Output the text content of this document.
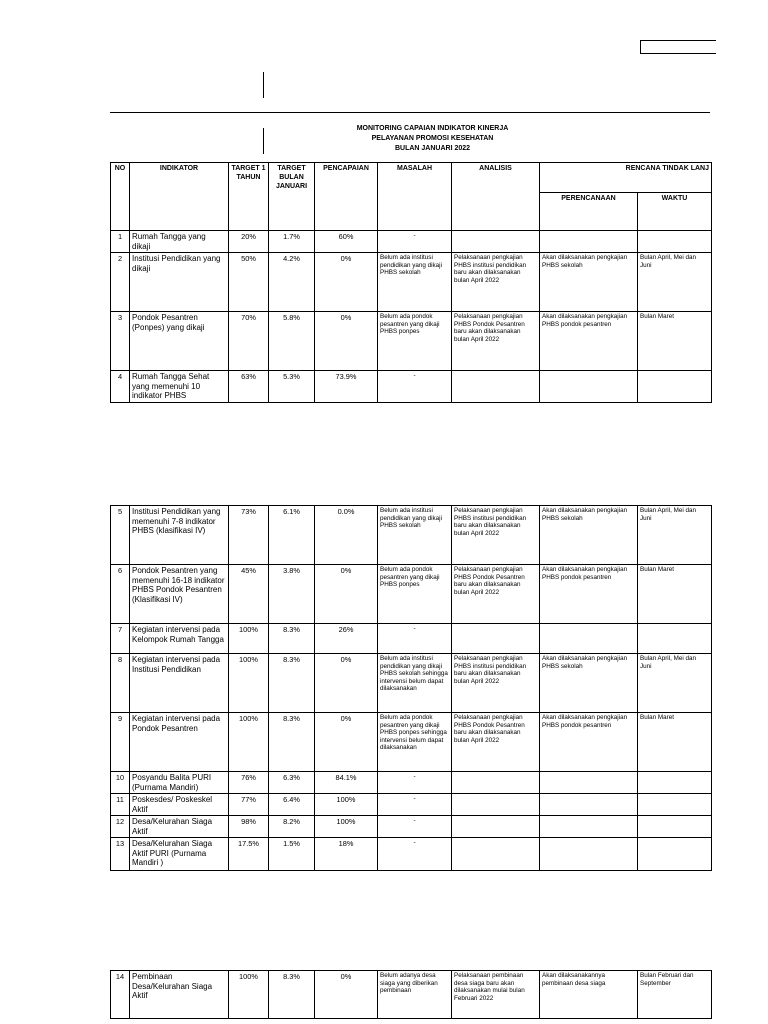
MONITORING CAPAIAN INDIKATOR KINERJA
PELAYANAN PROMOSI KESEHATAN
BULAN JANUARI 2022
NO	INDIKATOR	TARGET 1 TAHUN	TARGET BULAN JANUARI	PENCAPAIAN	MASALAH	ANALISIS	RENCANA TINDAK LANJ	
							PERENCANAAN	WAKTU
1	Rumah Tangga yang dikaji	20%	1.7%	60%	-			
2	Institusi Pendidikan yang dikaji	50%	4.2%	0%	Belum ada institusi pendidikan yang dikaji PHBS sekolah	Pelaksanaan pengkajian PHBS institusi pendidikan baru akan dilaksanakan bulan April 2022	Akan dilaksanakan pengkajian PHBS sekolah	Bulan April, Mei dan Juni
3	Pondok Pesantren (Ponpes) yang dikaji	70%	5.8%	0%	Belum ada pondok pesantren yang dikaji PHBS ponpes	Pelaksanaan pengkajian PHBS Pondok Pesantren baru akan dilaksanakan bulan April 2022	Akan dilaksanakan pengkajian PHBS pondok pesantren	Bulan Maret
4	Rumah Tangga Sehat yang memenuhi 10 indikator PHBS	63%	5.3%	73.9%	-			
5	Institusi Pendidikan yang memenuhi 7-8 indikator PHBS (klasifikasi IV)	73%	6.1%	0.0%	Belum ada institusi pendidikan yang dikaji PHBS sekolah	Pelaksanaan pengkajian PHBS institusi pendidikan baru akan dilaksanakan bulan April 2022	Akan dilaksanakan pengkajian PHBS sekolah	Bulan April, Mei dan Juni
6	Pondok Pesantren yang memenuhi 16-18 indikator PHBS Pondok Pesantren (Klasifikasi IV)	45%	3.8%	0%	Belum ada pondok pesantren yang dikaji PHBS ponpes	Pelaksanaan pengkajian PHBS Pondok Pesantren baru akan dilaksanakan bulan April 2022	Akan dilaksanakan pengkajian PHBS pondok pesantren	Bulan Maret
7	Kegiatan intervensi pada Kelompok Rumah Tangga	100%	8.3%	26%	-			
8	Kegiatan intervensi pada Institusi Pendidikan	100%	8.3%	0%	Belum ada institusi pendidikan yang dikaji PHBS sekolah sehingga intervensi belum dapat dilaksanakan	Pelaksanaan pengkajian PHBS institusi pendidikan baru akan dilaksanakan bulan April 2022	Akan dilaksanakan pengkajian PHBS sekolah	Bulan April, Mei dan Juni
9	Kegiatan intervensi pada Pondok Pesantren	100%	8.3%	0%	Belum ada pondok pesantren yang dikaji PHBS ponpes sehingga intervensi belum dapat dilaksanakan	Pelaksanaan pengkajian PHBS Pondok Pesantren baru akan dilaksanakan bulan April 2022	Akan dilaksanakan pengkajian PHBS pondok pesantren	Bulan Maret
10	Posyandu Balita PURI (Purnama Mandiri)	76%	6.3%	84.1%	-			
11	Poskesdes/ Poskeskel Aktif	77%	6.4%	100%	-			
12	Desa/Kelurahan Siaga Aktif	98%	8.2%	100%	-			
13	Desa/Kelurahan Siaga Aktif PURI (Purnama Mandiri )	17.5%	1.5%	18%	-			
14	Pembinaan Desa/Kelurahan Siaga Aktif	100%	8.3%	0%	Belum adanya desa siaga yang diberikan pembinaan	Pelaksanaan pembinaan desa siaga baru akan dilaksanakan mulai bulan Februari 2022	Akan dilaksanakannya pembinaan desa siaga	Bulan Februari dan September
